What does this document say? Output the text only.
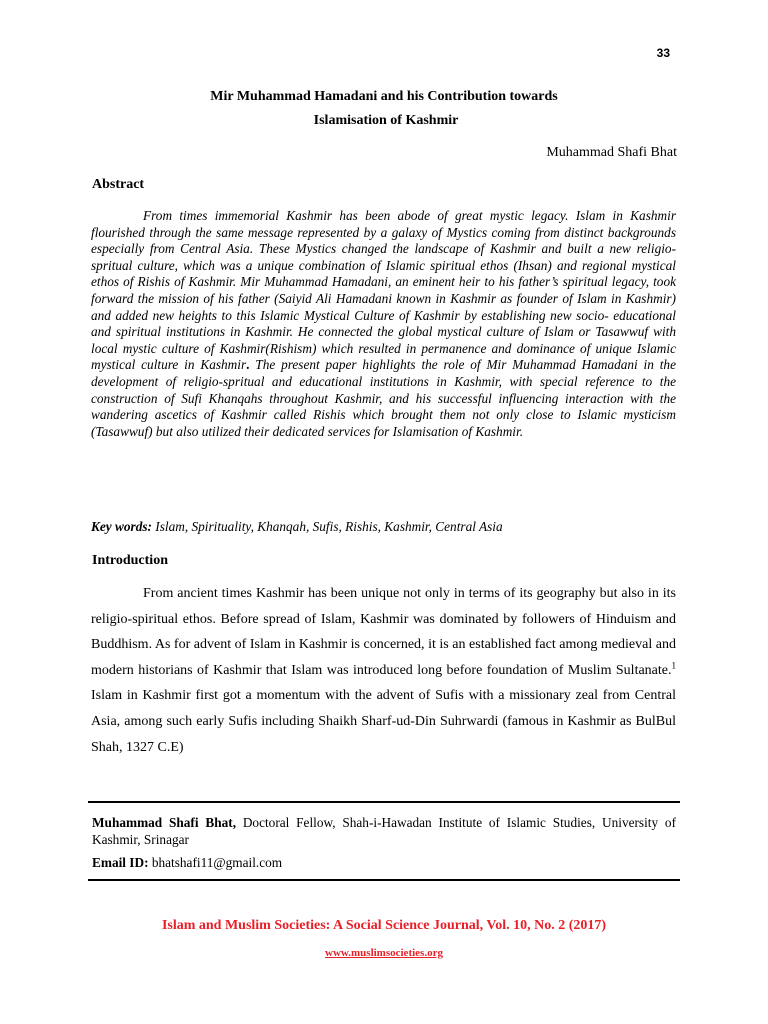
33
Mir Muhammad Hamadani and his Contribution towards
Islamisation of Kashmir
Muhammad Shafi Bhat
Abstract
From times immemorial Kashmir has been abode of great mystic legacy. Islam in Kashmir flourished through the same message represented by a galaxy of Mystics coming from distinct backgrounds especially from Central Asia. These Mystics changed the landscape of Kashmir and built a new religio-spritual culture, which was a unique combination of Islamic spiritual ethos (Ihsan) and regional mystical ethos of Rishis of Kashmir. Mir Muhammad Hamadani, an eminent heir to his father’s spiritual legacy, took forward the mission of his father (Saiyid Ali Hamadani known in Kashmir as founder of Islam in Kashmir) and added new heights to this Islamic Mystical Culture of Kashmir by establishing new socio- educational and spiritual institutions in Kashmir. He connected the global mystical culture of Islam or Tasawwuf with local mystic culture of Kashmir(Rishism) which resulted in permanence and dominance of unique Islamic mystical culture in Kashmir. The present paper highlights the role of Mir Muhammad Hamadani in the development of religio-spritual and educational institutions in Kashmir, with special reference to the construction of Sufi Khanqahs throughout Kashmir, and his successful influencing interaction with the wandering ascetics of Kashmir called Rishis which brought them not only close to Islamic mysticism (Tasawwuf) but also utilized their dedicated services for Islamisation of Kashmir.
Key words: Islam, Spirituality, Khanqah, Sufis, Rishis, Kashmir, Central Asia
Introduction
From ancient times Kashmir has been unique not only in terms of its geography but also in its religio-spiritual ethos. Before spread of Islam, Kashmir was dominated by followers of Hinduism and Buddhism. As for advent of Islam in Kashmir is concerned, it is an established fact among medieval and modern historians of Kashmir that Islam was introduced long before foundation of Muslim Sultanate.$^1$ Islam in Kashmir first got a momentum with the advent of Sufis with a missionary zeal from Central Asia, among such early Sufis including Shaikh Sharf-ud-Din Suhrwardi (famous in Kashmir as BulBul Shah, 1327 C.E)
Muhammad Shafi Bhat, Doctoral Fellow, Shah-i-Hawadan Institute of Islamic Studies, University of Kashmir, Srinagar
Email ID: bhatshafi11@gmail.com
Islam and Muslim Societies: A Social Science Journal, Vol. 10, No. 2 (2017)
www.muslimsocieties.org
